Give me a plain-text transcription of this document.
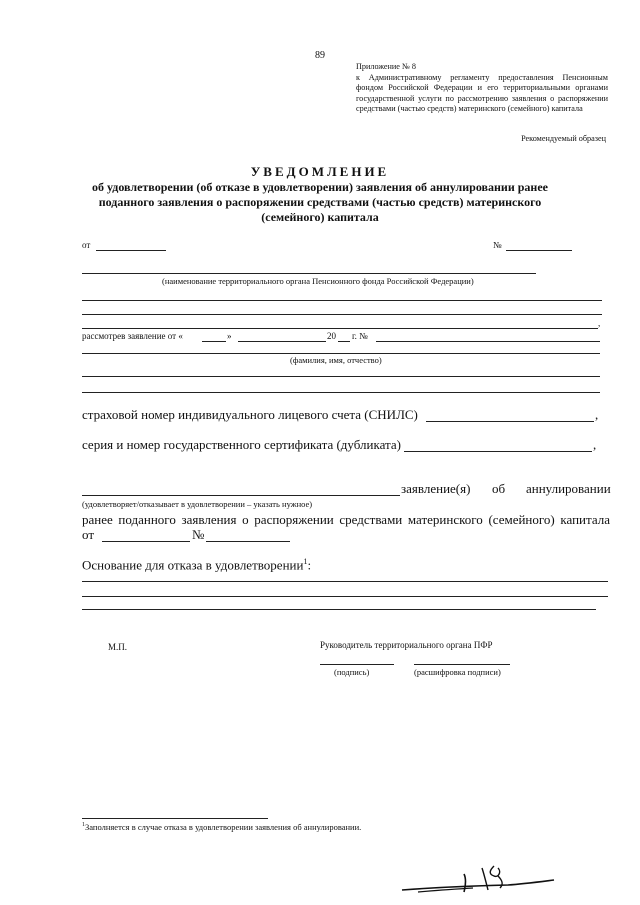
89
Приложение № 8
к Административному регламенту предоставления Пенсионным фондом Российской Федерации и его территориальными органами государственной услуги по рассмотрению заявления о распоряжении средствами (частью средств) материнского (семейного) капитала
Рекомендуемый образец
УВЕДОМЛЕНИЕ
об удовлетворении (об отказе в удовлетворении) заявления об аннулировании ранее поданного заявления о распоряжении средствами (частью средств) материнского (семейного) капитала
от	№
(наименование территориального органа Пенсионного фонда Российской Федерации)
,
рассмотрев заявление от «	»	20 г. №
(фамилия, имя, отчество)
страховой номер индивидуального лицевого счета (СНИЛС)	,
серия и номер государственного сертификата (дубликата)	,
заявление(я) об аннулировании
(удовлетворяет/отказывает в удовлетворении – указать нужное)
ранее поданного заявления о распоряжении средствами материнского (семейного) капитала
от	№
Основание для отказа в удовлетворении$^1$:
М.П.	Руководитель территориального органа ПФР
(подпись)	(расшифровка подписи)
$^1$Заполняется в случае отказа в удовлетворении заявления об аннулировании.
